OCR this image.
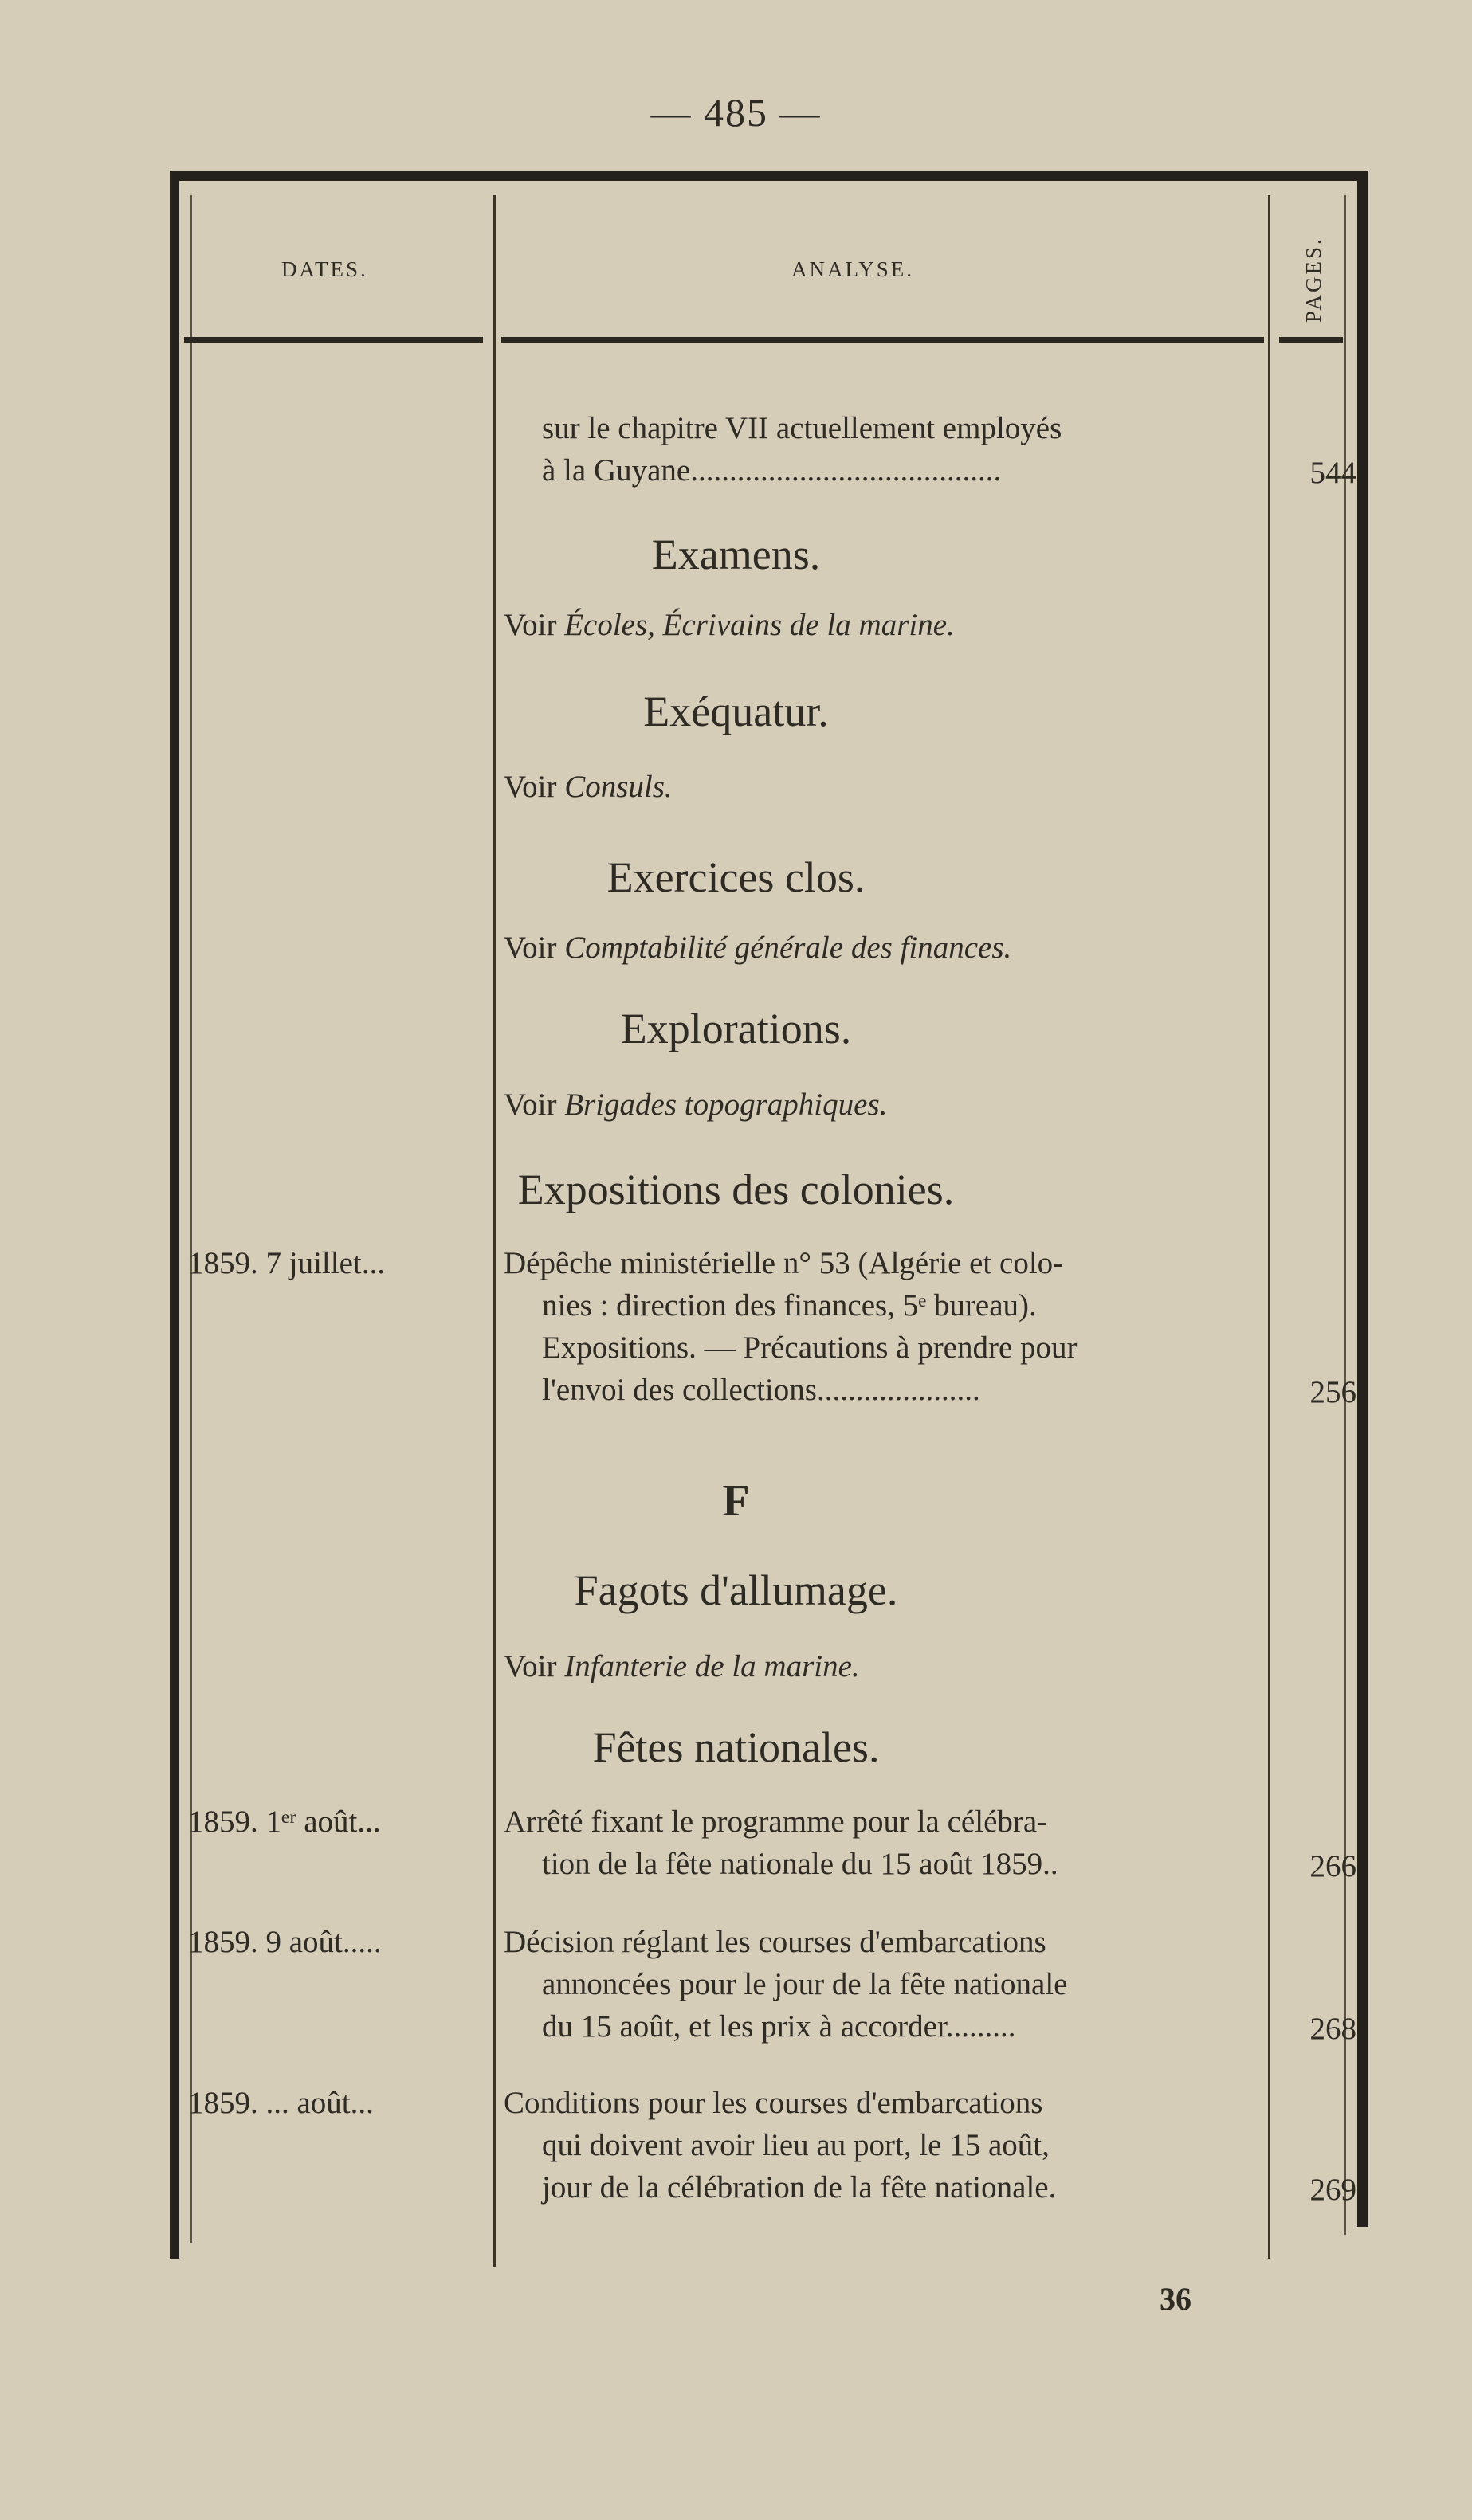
— 485 —
DATES.	ANALYSE.	PAGES.
sur le chapitre VII actuellement employés
à la Guyane........................................	544
Examens.
Voir Écoles, Écrivains de la marine.
Exéquatur.
Voir Consuls.
Exercices clos.
Voir Comptabilité générale des finances.
Explorations.
Voir Brigades topographiques.
Expositions des colonies.
1859. 7 juillet...	Dépêche ministérielle n° 53 (Algérie et colo-
nies : direction des finances, 5ᵉ bureau).
Expositions. — Précautions à prendre pour
l'envoi des collections.....................	256
F
Fagots d'allumage.
Voir Infanterie de la marine.
Fêtes nationales.
1859. 1ᵉʳ août...	Arrêté fixant le programme pour la célébra-
tion de la fête nationale du 15 août 1859..	266
1859. 9 août.....	Décision réglant les courses d'embarcations
annoncées pour le jour de la fête nationale
du 15 août, et les prix à accorder.........	268
1859. ... août...	Conditions pour les courses d'embarcations
qui doivent avoir lieu au port, le 15 août,
jour de la célébration de la fête nationale.	269
36
